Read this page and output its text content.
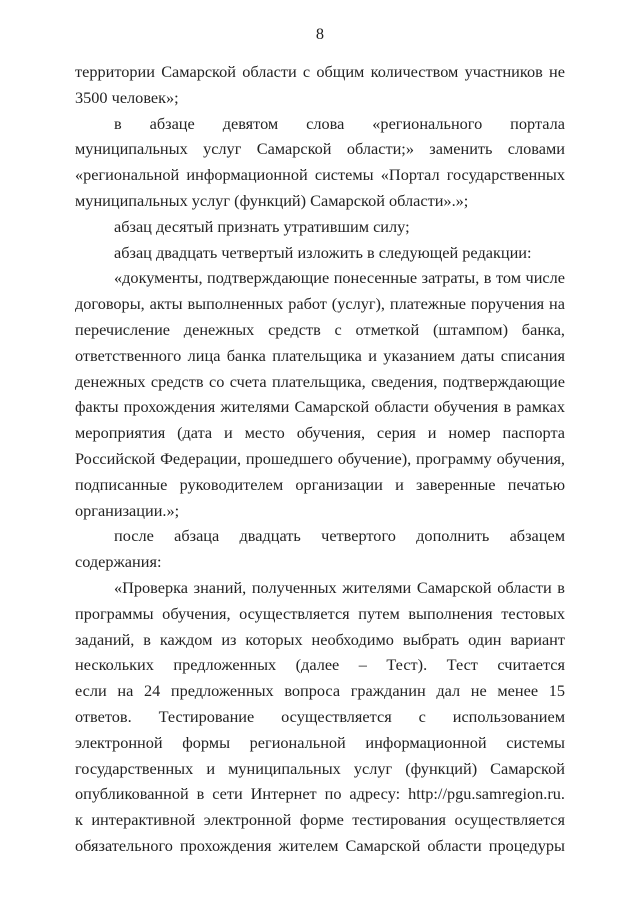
8
территории Самарской области с общим количеством участников не
3500 человек»;
в абзаце девятом слова «регионального портала
муниципальных услуг Самарской области;» заменить словами
«региональной информационной системы «Портал государственных
муниципальных услуг (функций) Самарской области».»;
абзац десятый признать утратившим силу;
абзац двадцать четвертый изложить в следующей редакции:
«документы, подтверждающие понесенные затраты, в том числе
договоры, акты выполненных работ (услуг), платежные поручения на
перечисление денежных средств с отметкой (штампом) банка,
ответственного лица банка плательщика и указанием даты списания
денежных средств со счета плательщика, сведения, подтверждающие
факты прохождения жителями Самарской области обучения в рамках
мероприятия (дата и место обучения, серия и номер паспорта
Российской Федерации, прошедшего обучение), программу обучения,
подписанные руководителем организации и заверенные печатью
организации.»;
после абзаца двадцать четвертого дополнить абзацем
содержания:
«Проверка знаний, полученных жителями Самарской области в
программы обучения, осуществляется путем выполнения тестовых
заданий, в каждом из которых необходимо выбрать один вариант
нескольких предложенных (далее – Тест). Тест считается
если на 24 предложенных вопроса гражданин дал не менее 15
ответов. Тестирование осуществляется с использованием
электронной формы региональной информационной системы
государственных и муниципальных услуг (функций) Самарской
опубликованной в сети Интернет по адресу: http://pgu.samregion.ru.
к интерактивной электронной форме тестирования осуществляется
обязательного прохождения жителем Самарской области процедуры
